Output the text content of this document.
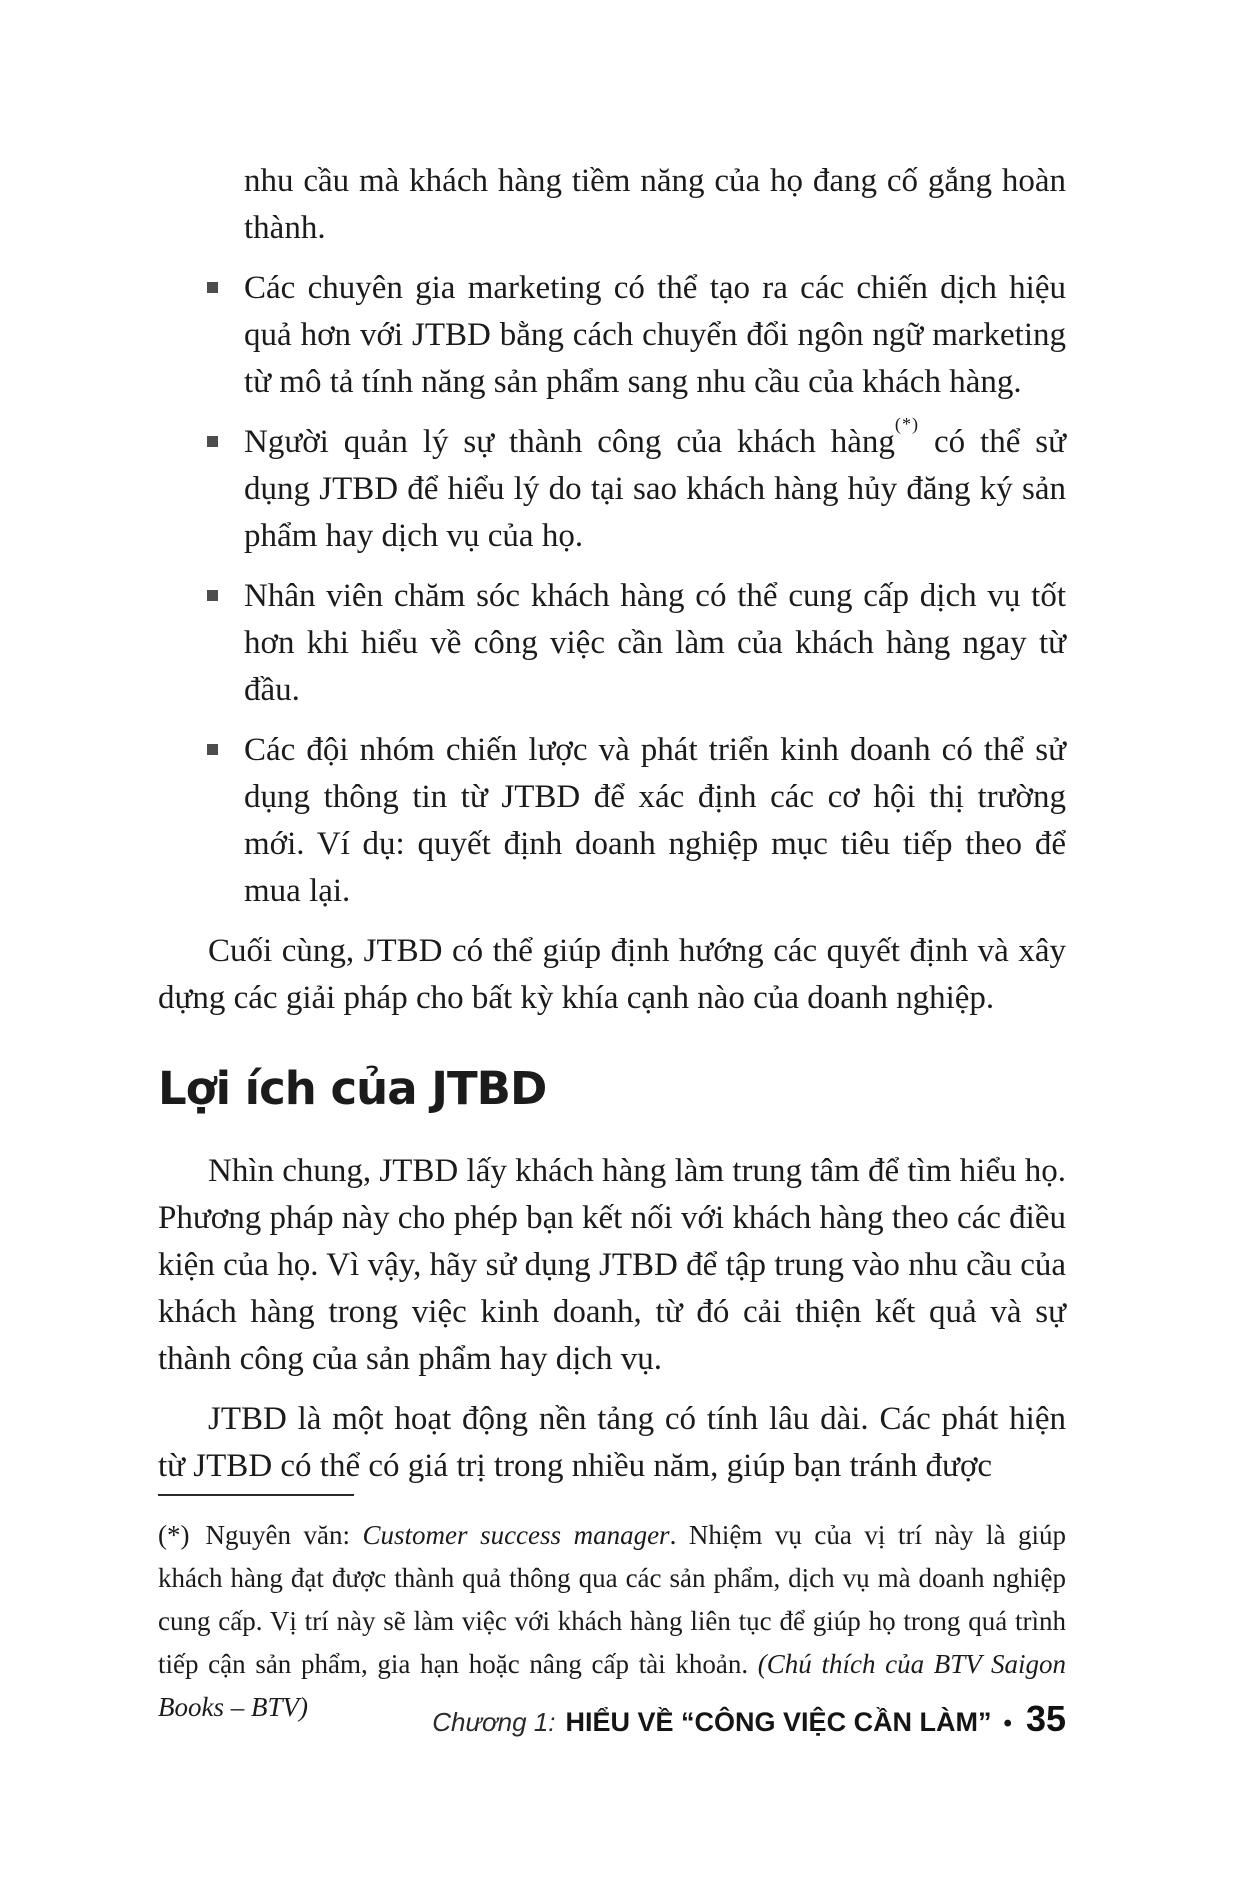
nhu cầu mà khách hàng tiềm năng của họ đang cố gắng hoàn thành.
Các chuyên gia marketing có thể tạo ra các chiến dịch hiệu quả hơn với JTBD bằng cách chuyển đổi ngôn ngữ marketing từ mô tả tính năng sản phẩm sang nhu cầu của khách hàng.
Người quản lý sự thành công của khách hàng(*) có thể sử dụng JTBD để hiểu lý do tại sao khách hàng hủy đăng ký sản phẩm hay dịch vụ của họ.
Nhân viên chăm sóc khách hàng có thể cung cấp dịch vụ tốt hơn khi hiểu về công việc cần làm của khách hàng ngay từ đầu.
Các đội nhóm chiến lược và phát triển kinh doanh có thể sử dụng thông tin từ JTBD để xác định các cơ hội thị trường mới. Ví dụ: quyết định doanh nghiệp mục tiêu tiếp theo để mua lại.

Cuối cùng, JTBD có thể giúp định hướng các quyết định và xây dựng các giải pháp cho bất kỳ khía cạnh nào của doanh nghiệp.

Lợi ích của JTBD

Nhìn chung, JTBD lấy khách hàng làm trung tâm để tìm hiểu họ. Phương pháp này cho phép bạn kết nối với khách hàng theo các điều kiện của họ. Vì vậy, hãy sử dụng JTBD để tập trung vào nhu cầu của khách hàng trong việc kinh doanh, từ đó cải thiện kết quả và sự thành công của sản phẩm hay dịch vụ.

JTBD là một hoạt động nền tảng có tính lâu dài. Các phát hiện từ JTBD có thể có giá trị trong nhiều năm, giúp bạn tránh được

(*) Nguyên văn: Customer success manager. Nhiệm vụ của vị trí này là giúp khách hàng đạt được thành quả thông qua các sản phẩm, dịch vụ mà doanh nghiệp cung cấp. Vị trí này sẽ làm việc với khách hàng liên tục để giúp họ trong quá trình tiếp cận sản phẩm, gia hạn hoặc nâng cấp tài khoản. (Chú thích của BTV Saigon Books – BTV)	Chương 1: HIỂU VỀ “CÔNG VIỆC CẦN LÀM” • 35
